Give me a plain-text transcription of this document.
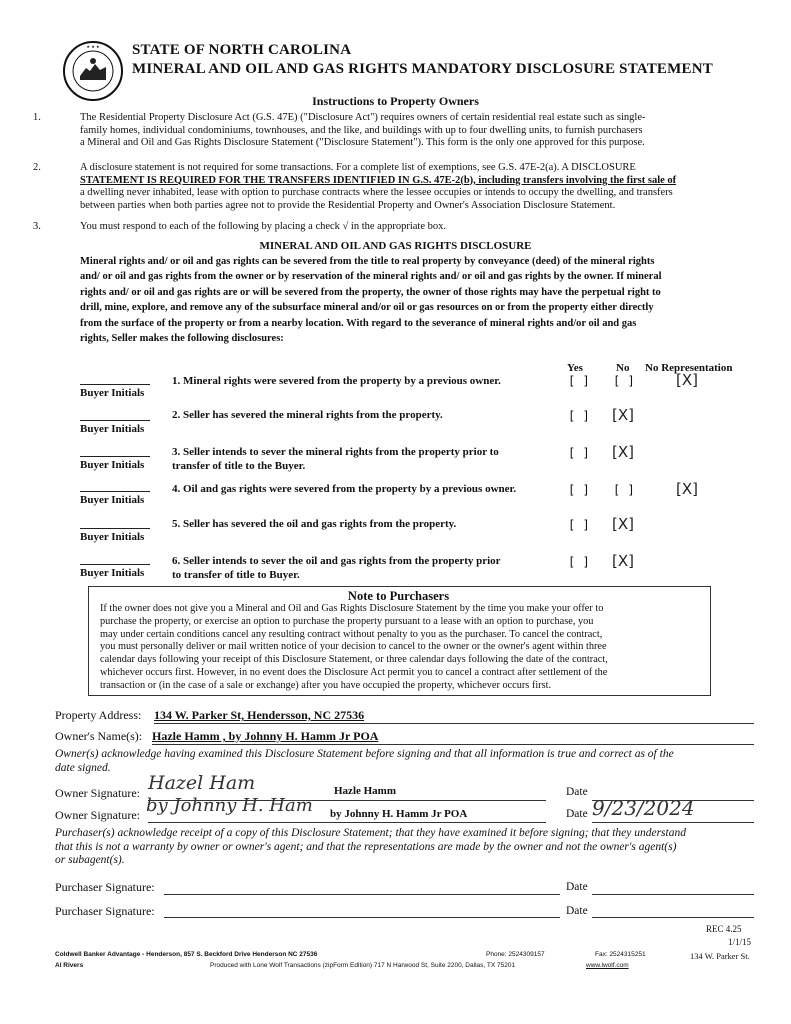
★ ★ ★ STATE OF NORTH CAROLINA
MINERAL AND OIL AND GAS RIGHTS MANDATORY DISCLOSURE STATEMENT
Instructions to Property Owners
1.	The Residential Property Disclosure Act (G.S. 47E) ("Disclosure Act") requires owners of certain residential real estate such as single-
family homes, individual condominiums, townhouses, and the like, and buildings with up to four dwelling units, to furnish purchasers
a Mineral and Oil and Gas Rights Disclosure Statement ("Disclosure Statement"). This form is the only one approved for this purpose.
2.	A disclosure statement is not required for some transactions. For a complete list of exemptions, see G.S. 47E-2(a). A DISCLOSURE
STATEMENT IS REQUIRED FOR THE TRANSFERS IDENTIFIED IN G.S. 47E-2(b), including transfers involving the first sale of
a dwelling never inhabited, lease with option to purchase contracts where the lessee occupies or intends to occupy the dwelling, and transfers
between parties when both parties agree not to provide the Residential Property and Owner's Association Disclosure Statement.
3.	You must respond to each of the following by placing a check √ in the appropriate box.
MINERAL AND OIL AND GAS RIGHTS DISCLOSURE
Mineral rights and/ or oil and gas rights can be severed from the title to real property by conveyance (deed) of the mineral rights
and/ or oil and gas rights from the owner or by reservation of the mineral rights and/ or oil and gas rights by the owner. If mineral
rights and/ or oil and gas rights are or will be severed from the property, the owner of those rights may have the perpetual right to
drill, mine, explore, and remove any of the subsurface mineral and/or oil or gas resources on or from the property either directly
from the surface of the property or from a nearby location. With regard to the severance of mineral rights and/or oil and gas
rights, Seller makes the following disclosures:
Yes	No No Representation
Buyer Initials
1. Mineral rights were severed from the property by a previous owner.	[ ] [ ]	[X]
Buyer Initials
2. Seller has severed the mineral rights from the property.	[ ] [X]
Buyer Initials
3. Seller intends to sever the mineral rights from the property prior to
transfer of title to the Buyer.
[ ] [X]
Buyer Initials
4. Oil and gas rights were severed from the property by a previous owner.	[ ] [ ]	[X]
Buyer Initials
5. Seller has severed the oil and gas rights from the property.	[ ] [X]
Buyer Initials
6. Seller intends to sever the oil and gas rights from the property prior
to transfer of title to Buyer.
[ ] [X]
Note to Purchasers
If the owner does not give you a Mineral and Oil and Gas Rights Disclosure Statement by the time you make your offer to
purchase the property, or exercise an option to purchase the property pursuant to a lease with an option to purchase, you
may under certain conditions cancel any resulting contract without penalty to you as the purchaser. To cancel the contract,
you must personally deliver or mail written notice of your decision to cancel to the owner or the owner's agent within three
calendar days following your receipt of this Disclosure Statement, or three calendar days following the date of the contract,
whichever occurs first. However, in no event does the Disclosure Act permit you to cancel a contract after settlement of the
transaction or (in the case of a sale or exchange) after you have occupied the property, whichever occurs first.
Property Address: 134 W. Parker St, Hendersson, NC 27536
Owner's Name(s): Hazle Hamm , by Johnny H. Hamm Jr POA
Owner(s) acknowledge having examined this Disclosure Statement before signing and that all information is true and correct as of the
date signed.
Owner Signature: Hazel Ham	Hazle Hamm	Date
Owner Signature: by Johnny H. Ham by Johnny H. Hamm Jr POA	Date 9/23/2024
Purchaser(s) acknowledge receipt of a copy of this Disclosure Statement; that they have examined it before signing; that they understand
that this is not a warranty by owner or owner's agent; and that the representations are made by the owner and not the owner's agent(s)
or subagent(s).
Purchaser Signature:	Date
Purchaser Signature:	Date
REC 4.25
1/1/15
134 W. Parker St.
Coldwell Banker Advantage - Henderson, 857 S. Beckford Drive Henderson NC 27536
Al Rivers
Phone: 2524309157	Fax: 2524315251
Produced with Lone Wolf Transactions (zipForm Edition) 717 N Harwood St, Suite 2200, Dallas, TX 75201	www.lwolf.com
